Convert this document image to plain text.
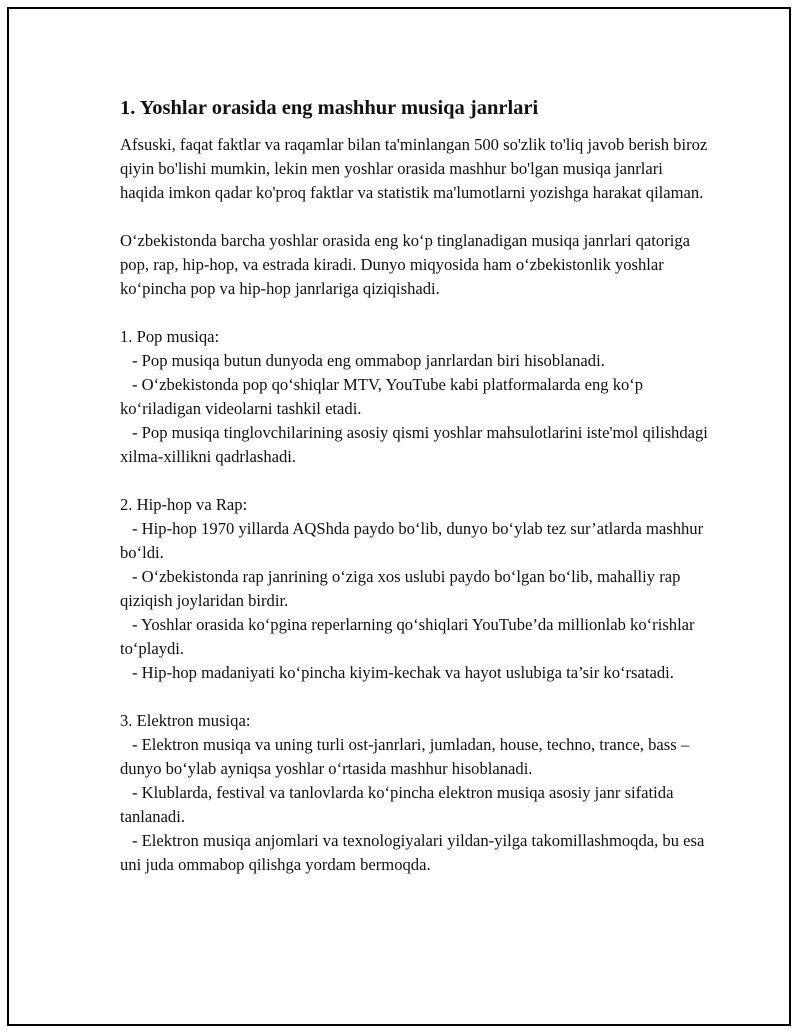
1. Yoshlar orasida eng mashhur musiqa janrlari

Afsuski, faqat faktlar va raqamlar bilan ta'minlangan 500 so'zlik to'liq javob berish biroz qiyin bo'lishi mumkin, lekin men yoshlar orasida mashhur bo'lgan musiqa janrlari haqida imkon qadar ko'proq faktlar va statistik ma'lumotlarni yozishga harakat qilaman.

O‘zbekistonda barcha yoshlar orasida eng ko‘p tinglanadigan musiqa janrlari qatoriga pop, rap, hip-hop, va estrada kiradi. Dunyo miqyosida ham o‘zbekistonlik yoshlar ko‘pincha pop va hip-hop janrlariga qiziqishadi.

1. Pop musiqa:

- Pop musiqa butun dunyoda eng ommabop janrlardan biri hisoblanadi.

- O‘zbekistonda pop qo‘shiqlar MTV, YouTube kabi platformalarda eng ko‘p ko‘riladigan videolarni tashkil etadi.

- Pop musiqa tinglovchilarining asosiy qismi yoshlar mahsulotlarini iste'mol qilishdagi xilma-xillikni qadrlashadi.

2. Hip-hop va Rap:

- Hip-hop 1970 yillarda AQShda paydo bo‘lib, dunyo bo‘ylab tez sur’atlarda mashhur bo‘ldi.

- O‘zbekistonda rap janrining o‘ziga xos uslubi paydo bo‘lgan bo‘lib, mahalliy rap qiziqish joylaridan birdir.

- Yoshlar orasida ko‘pgina reperlarning qo‘shiqlari YouTube’da millionlab ko‘rishlar to‘playdi.

- Hip-hop madaniyati ko‘pincha kiyim-kechak va hayot uslubiga ta’sir ko‘rsatadi.

3. Elektron musiqa:

- Elektron musiqa va uning turli ost-janrlari, jumladan, house, techno, trance, bass – dunyo bo‘ylab ayniqsa yoshlar o‘rtasida mashhur hisoblanadi.

- Klublarda, festival va tanlovlarda ko‘pincha elektron musiqa asosiy janr sifatida tanlanadi.

- Elektron musiqa anjomlari va texnologiyalari yildan-yilga takomillashmoqda, bu esa uni juda ommabop qilishga yordam bermoqda.
